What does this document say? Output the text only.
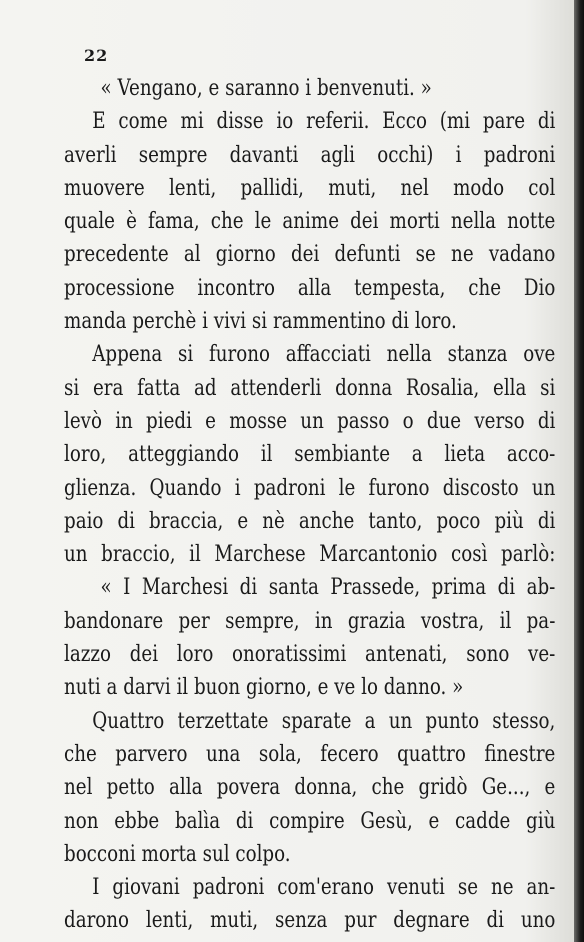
22
« Vengano, e saranno i benvenuti. »
E come mi disse io referii. Ecco (mi pare di
averli sempre davanti agli occhi) i padroni
muovere lenti, pallidi, muti, nel modo col
quale è fama, che le anime dei morti nella notte
precedente al giorno dei defunti se ne vadano
processione incontro alla tempesta, che Dio
manda perchè i vivi si rammentino di loro.
Appena si furono affacciati nella stanza ove
si era fatta ad attenderli donna Rosalia, ella si
levò in piedi e mosse un passo o due verso di
loro, atteggiando il sembiante a lieta acco-
glienza. Quando i padroni le furono discosto un
paio di braccia, e nè anche tanto, poco più di
un braccio, il Marchese Marcantonio così parlò:
« I Marchesi di santa Prassede, prima di ab-
bandonare per sempre, in grazia vostra, il pa-
lazzo dei loro onoratissimi antenati, sono ve-
nuti a darvi il buon giorno, e ve lo danno. »
Quattro terzettate sparate a un punto stesso,
che parvero una sola, fecero quattro finestre
nel petto alla povera donna, che gridò Ge..., e
non ebbe balìa di compire Gesù, e cadde giù
bocconi morta sul colpo.
I giovani padroni com'erano venuti se ne an-
darono lenti, muti, senza pur degnare di uno
